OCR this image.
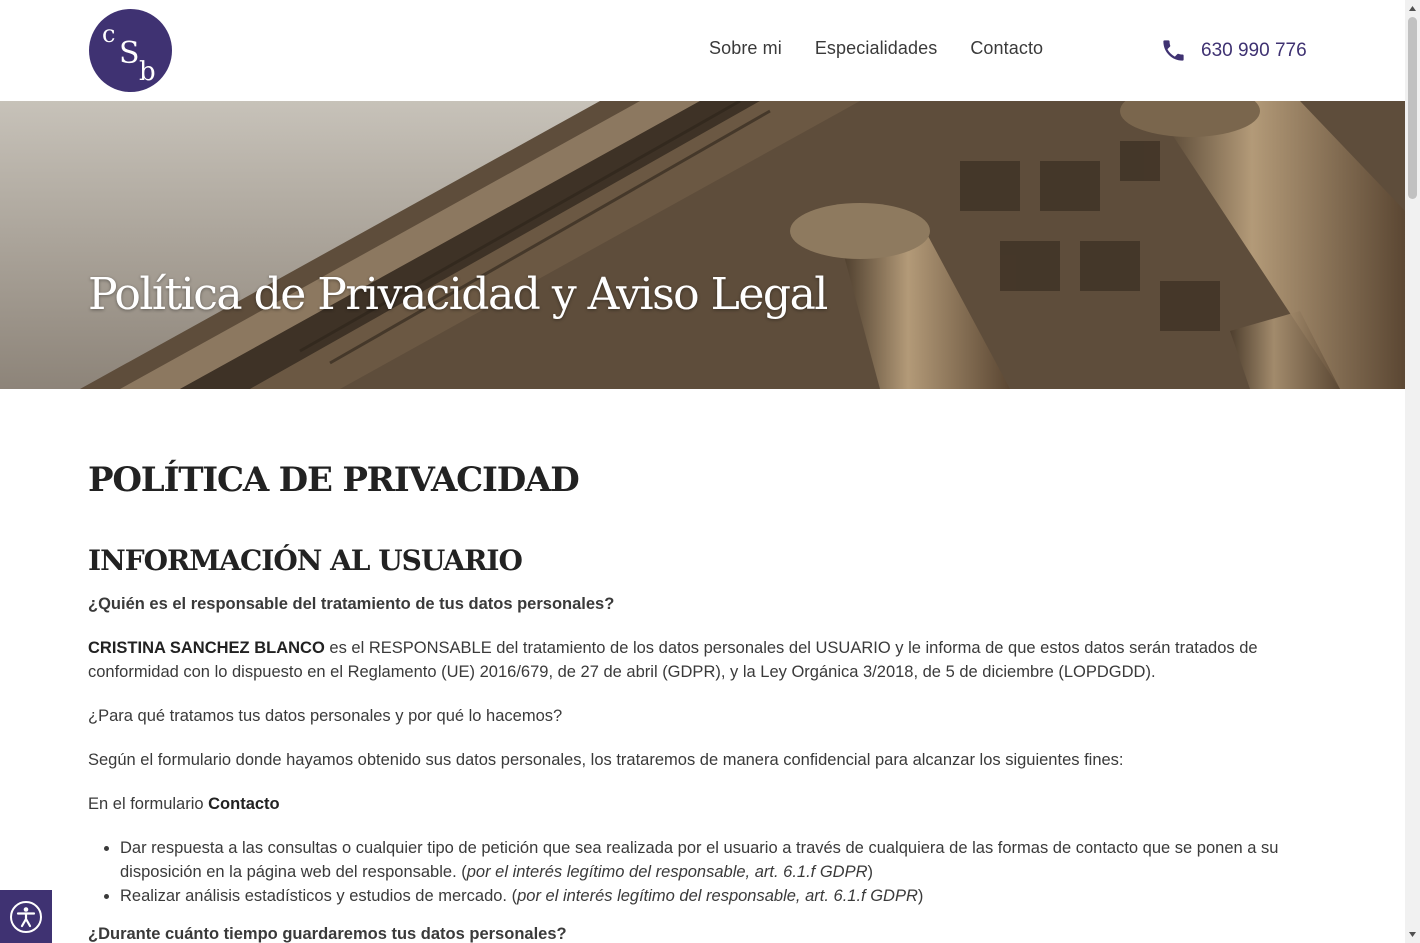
c
S
b
Sobre mi Especialidades Contacto	630 990 776
Política de Privacidad y Aviso Legal
POLÍTICA DE PRIVACIDAD
INFORMACIÓN AL USUARIO

¿Quién es el responsable del tratamiento de tus datos personales?

CRISTINA SANCHEZ BLANCO es el RESPONSABLE del tratamiento de los datos personales del USUARIO y le informa de que estos datos serán tratados de conformidad con lo dispuesto en el Reglamento (UE) 2016/679, de 27 de abril (GDPR), y la Ley Orgánica 3/2018, de 5 de diciembre (LOPDGDD).

¿Para qué tratamos tus datos personales y por qué lo hacemos?

Según el formulario donde hayamos obtenido sus datos personales, los trataremos de manera confidencial para alcanzar los siguientes fines:

En el formulario Contacto

• Dar respuesta a las consultas o cualquier tipo de petición que sea realizada por el usuario a través de cualquiera de las formas de contacto que se ponen a su disposición en la página web del responsable. (por el interés legítimo del responsable, art. 6.1.f GDPR)
• Realizar análisis estadísticos y estudios de mercado. (por el interés legítimo del responsable, art. 6.1.f GDPR)

¿Durante cuánto tiempo guardaremos tus datos personales?
